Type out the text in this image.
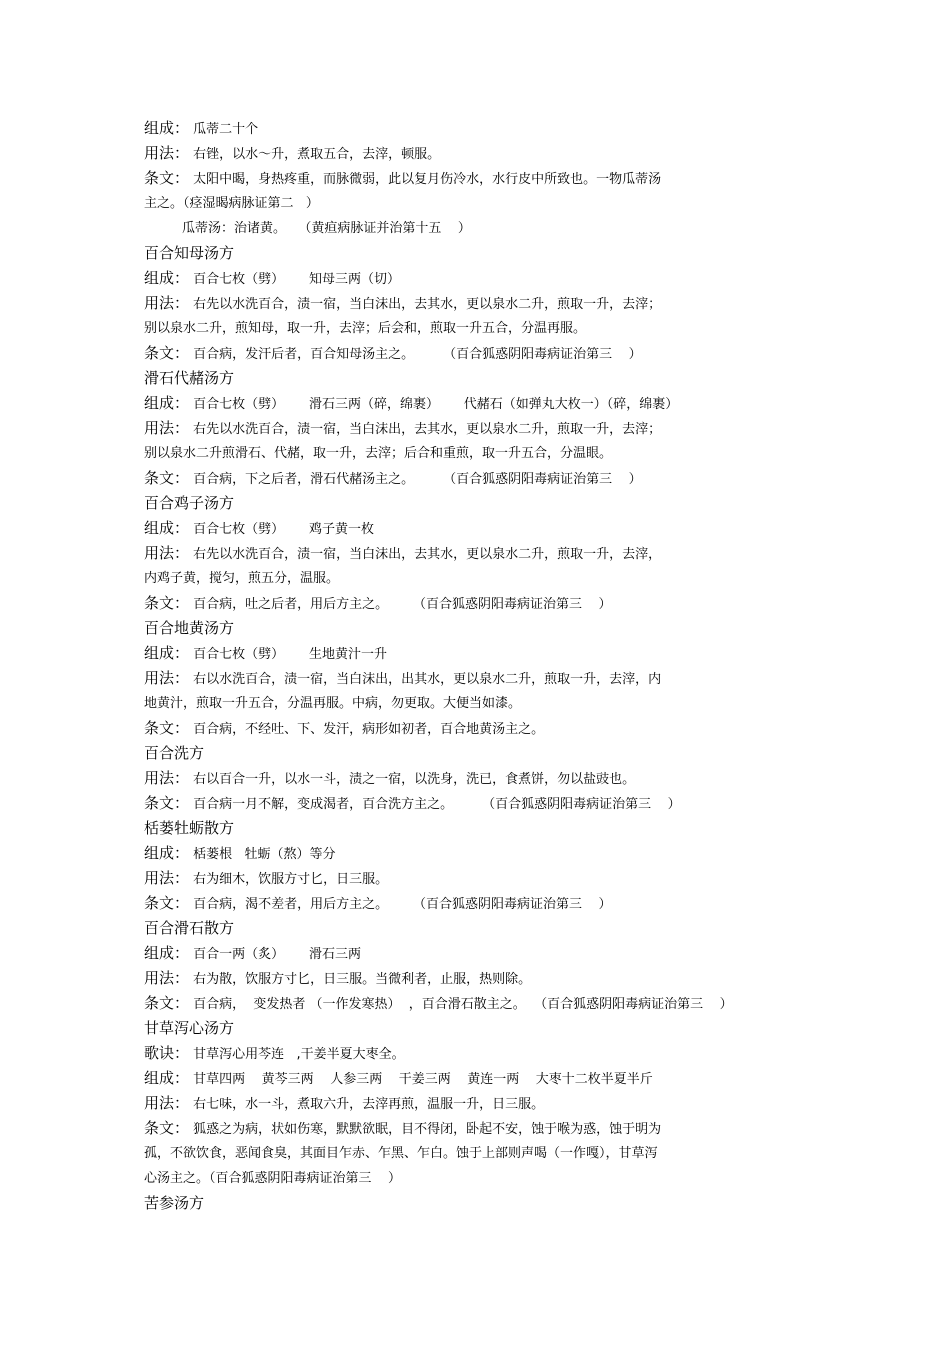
组成： 瓜蒂二十个
用法： 右锉，以水～升，煮取五合，去滓，顿服。
条文： 太阳中暍，身热疼重，而脉微弱，此以复月伤冷水，水行皮中所致也。一物瓜蒂汤
主之。（痉湿暍病脉证第二   ）
瓜蒂汤：治诸黄。   （黄疸病脉证并治第十五    ）
百合知母汤方
组成： 百合七枚（劈）      知母三两（切）
用法： 右先以水洗百合，渍一宿，当白沫出，去其水，更以泉水二升，煎取一升，去滓；
别以泉水二升，煎知母，取一升，去滓；后会和，煎取一升五合，分温再服。
条文： 百合病，发汗后者，百合知母汤主之。       （百合狐惑阴阳毒病证治第三    ）
滑石代赭汤方
组成： 百合七枚（劈）      滑石三两（碎，绵裹）      代赭石（如弹丸大枚一）（碎，绵裹）
用法： 右先以水洗百合，渍一宿，当白沫出，去其水，更以泉水二升，煎取一升，去滓；
别以泉水二升煎滑石、代赭，取一升，去滓；后合和重煎，取一升五合，分温眼。
条文： 百合病，下之后者，滑石代赭汤主之。       （百合狐惑阴阳毒病证治第三    ）
百合鸡子汤方
组成： 百合七枚（劈）      鸡子黄一枚
用法： 右先以水洗百合，渍一宿，当白沫出，去其水，更以泉水二升，煎取一升，去滓，
内鸡子黄，搅匀，煎五分，温服。
条文： 百合病，吐之后者，用后方主之。      （百合狐惑阴阳毒病证治第三    ）
百合地黄汤方
组成： 百合七枚（劈）      生地黄汁一升
用法： 右以水洗百合，渍一宿，当白沫出，出其水，更以泉水二升，煎取一升，去滓，内
地黄汁，煎取一升五合，分温再服。中病，勿更取。大便当如漆。
条文： 百合病，不经吐、下、发汗，病形如初者，百合地黄汤主之。
百合洗方
用法： 右以百合一升，以水一斗，渍之一宿，以洗身，洗已，食煮饼，勿以盐豉也。
条文： 百合病一月不解，变成渴者，百合洗方主之。       （百合狐惑阴阳毒病证治第三    ）
栝蒌牡蛎散方
组成： 栝蒌根   牡蛎（熬）等分
用法： 右为细木，饮服方寸匕，日三服。
条文： 百合病，渴不差者，用后方主之。      （百合狐惑阴阳毒病证治第三    ）
百合滑石散方
组成： 百合一两（炙）      滑石三两
用法： 右为散，饮服方寸匕，日三服。当微利者，止服，热则除。
条文： 百合病，  变发热者 （一作发寒热）  ，百合滑石散主之。  （百合狐惑阴阳毒病证治第三    ）
甘草泻心汤方
歌诀： 甘草泻心用芩连   ,干姜半夏大枣全。
组成： 甘草四两    黄芩三两    人参三两    干姜三两    黄连一两    大枣十二枚半夏半斤
用法： 右七味，水一斗，煮取六升，去滓再煎，温服一升，日三服。
条文： 狐惑之为病，状如伤寒，默默欲眠，目不得闭，卧起不安，蚀于喉为惑，蚀于明为
孤，不欲饮食，恶闻食臭，其面目乍赤、乍黑、乍白。蚀于上部则声喝（一作嘎），甘草泻
心汤主之。（百合狐惑阴阳毒病证治第三    ）
苦参汤方
